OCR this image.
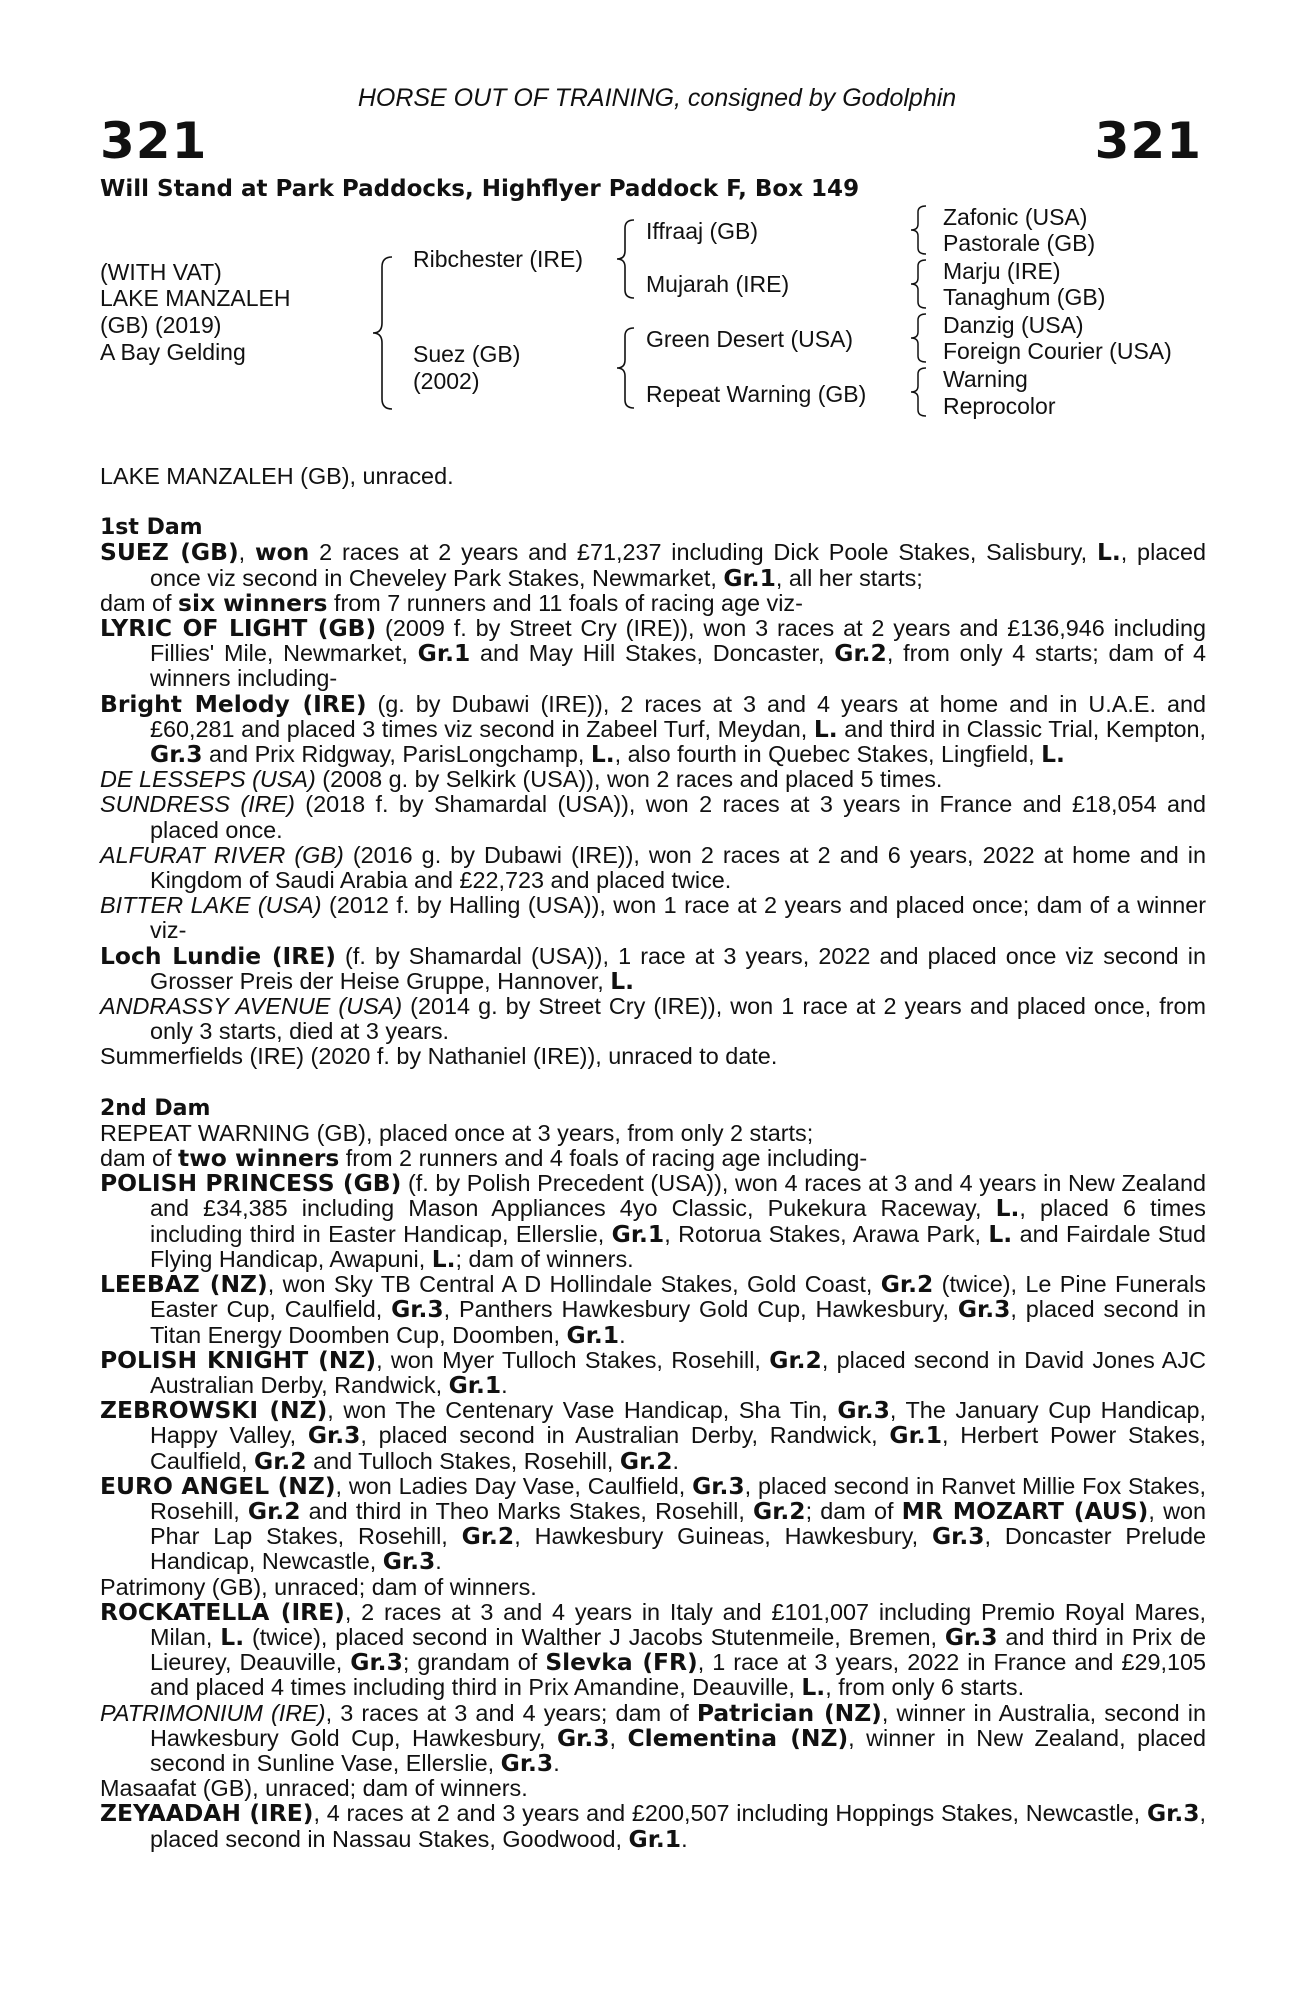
HORSE OUT OF TRAINING, consigned by Godolphin
321	321
Will Stand at Park Paddocks, Highflyer Paddock F, Box 149
(WITH VAT)
LAKE MANZALEH
(GB) (2019)
A Bay Gelding
Ribchester (IRE)
Suez (GB)
(2002)
Iffraaj (GB)
Mujarah (IRE)
Green Desert (USA)
Repeat Warning (GB)
Zafonic (USA)
Pastorale (GB)
Marju (IRE)
Tanaghum (GB)
Danzig (USA)
Foreign Courier (USA)
Warning
Reprocolor

LAKE MANZALEH (GB), unraced.

1st Dam

SUEZ (GB), won 2 races at 2 years and £71,237 including Dick Poole Stakes, Salisbury, L., placed once viz second in Cheveley Park Stakes, Newmarket, Gr.1, all her starts;

dam of six winners from 7 runners and 11 foals of racing age viz-

LYRIC OF LIGHT (GB) (2009 f. by Street Cry (IRE)), won 3 races at 2 years and £136,946 including Fillies' Mile, Newmarket, Gr.1 and May Hill Stakes, Doncaster, Gr.2, from only 4 starts; dam of 4 winners including-

Bright Melody (IRE) (g. by Dubawi (IRE)), 2 races at 3 and 4 years at home and in U.A.E. and £60,281 and placed 3 times viz second in Zabeel Turf, Meydan, L. and third in Classic Trial, Kempton, Gr.3 and Prix Ridgway, ParisLongchamp, L., also fourth in Quebec Stakes, Lingfield, L.

DE LESSEPS (USA) (2008 g. by Selkirk (USA)), won 2 races and placed 5 times.

SUNDRESS (IRE) (2018 f. by Shamardal (USA)), won 2 races at 3 years in France and £18,054 and placed once.

ALFURAT RIVER (GB) (2016 g. by Dubawi (IRE)), won 2 races at 2 and 6 years, 2022 at home and in Kingdom of Saudi Arabia and £22,723 and placed twice.

BITTER LAKE (USA) (2012 f. by Halling (USA)), won 1 race at 2 years and placed once; dam of a winner viz-

Loch Lundie (IRE) (f. by Shamardal (USA)), 1 race at 3 years, 2022 and placed once viz second in Grosser Preis der Heise Gruppe, Hannover, L.

ANDRASSY AVENUE (USA) (2014 g. by Street Cry (IRE)), won 1 race at 2 years and placed once, from only 3 starts, died at 3 years.

Summerfields (IRE) (2020 f. by Nathaniel (IRE)), unraced to date.

2nd Dam

REPEAT WARNING (GB), placed once at 3 years, from only 2 starts;

dam of two winners from 2 runners and 4 foals of racing age including-

POLISH PRINCESS (GB) (f. by Polish Precedent (USA)), won 4 races at 3 and 4 years in New Zealand and £34,385 including Mason Appliances 4yo Classic, Pukekura Raceway, L., placed 6 times including third in Easter Handicap, Ellerslie, Gr.1, Rotorua Stakes, Arawa Park, L. and Fairdale Stud Flying Handicap, Awapuni, L.; dam of winners.

LEEBAZ (NZ), won Sky TB Central A D Hollindale Stakes, Gold Coast, Gr.2 (twice), Le Pine Funerals Easter Cup, Caulfield, Gr.3, Panthers Hawkesbury Gold Cup, Hawkesbury, Gr.3, placed second in Titan Energy Doomben Cup, Doomben, Gr.1.

POLISH KNIGHT (NZ), won Myer Tulloch Stakes, Rosehill, Gr.2, placed second in David Jones AJC Australian Derby, Randwick, Gr.1.

ZEBROWSKI (NZ), won The Centenary Vase Handicap, Sha Tin, Gr.3, The January Cup Handicap, Happy Valley, Gr.3, placed second in Australian Derby, Randwick, Gr.1, Herbert Power Stakes, Caulfield, Gr.2 and Tulloch Stakes, Rosehill, Gr.2.

EURO ANGEL (NZ), won Ladies Day Vase, Caulfield, Gr.3, placed second in Ranvet Millie Fox Stakes, Rosehill, Gr.2 and third in Theo Marks Stakes, Rosehill, Gr.2; dam of MR MOZART (AUS), won Phar Lap Stakes, Rosehill, Gr.2, Hawkesbury Guineas, Hawkesbury, Gr.3, Doncaster Prelude Handicap, Newcastle, Gr.3.

Patrimony (GB), unraced; dam of winners.

ROCKATELLA (IRE), 2 races at 3 and 4 years in Italy and £101,007 including Premio Royal Mares, Milan, L. (twice), placed second in Walther J Jacobs Stutenmeile, Bremen, Gr.3 and third in Prix de Lieurey, Deauville, Gr.3; grandam of Slevka (FR), 1 race at 3 years, 2022 in France and £29,105 and placed 4 times including third in Prix Amandine, Deauville, L., from only 6 starts.

PATRIMONIUM (IRE), 3 races at 3 and 4 years; dam of Patrician (NZ), winner in Australia, second in Hawkesbury Gold Cup, Hawkesbury, Gr.3, Clementina (NZ), winner in New Zealand, placed second in Sunline Vase, Ellerslie, Gr.3.

Masaafat (GB), unraced; dam of winners.

ZEYAADAH (IRE), 4 races at 2 and 3 years and £200,507 including Hoppings Stakes, Newcastle, Gr.3, placed second in Nassau Stakes, Goodwood, Gr.1.
